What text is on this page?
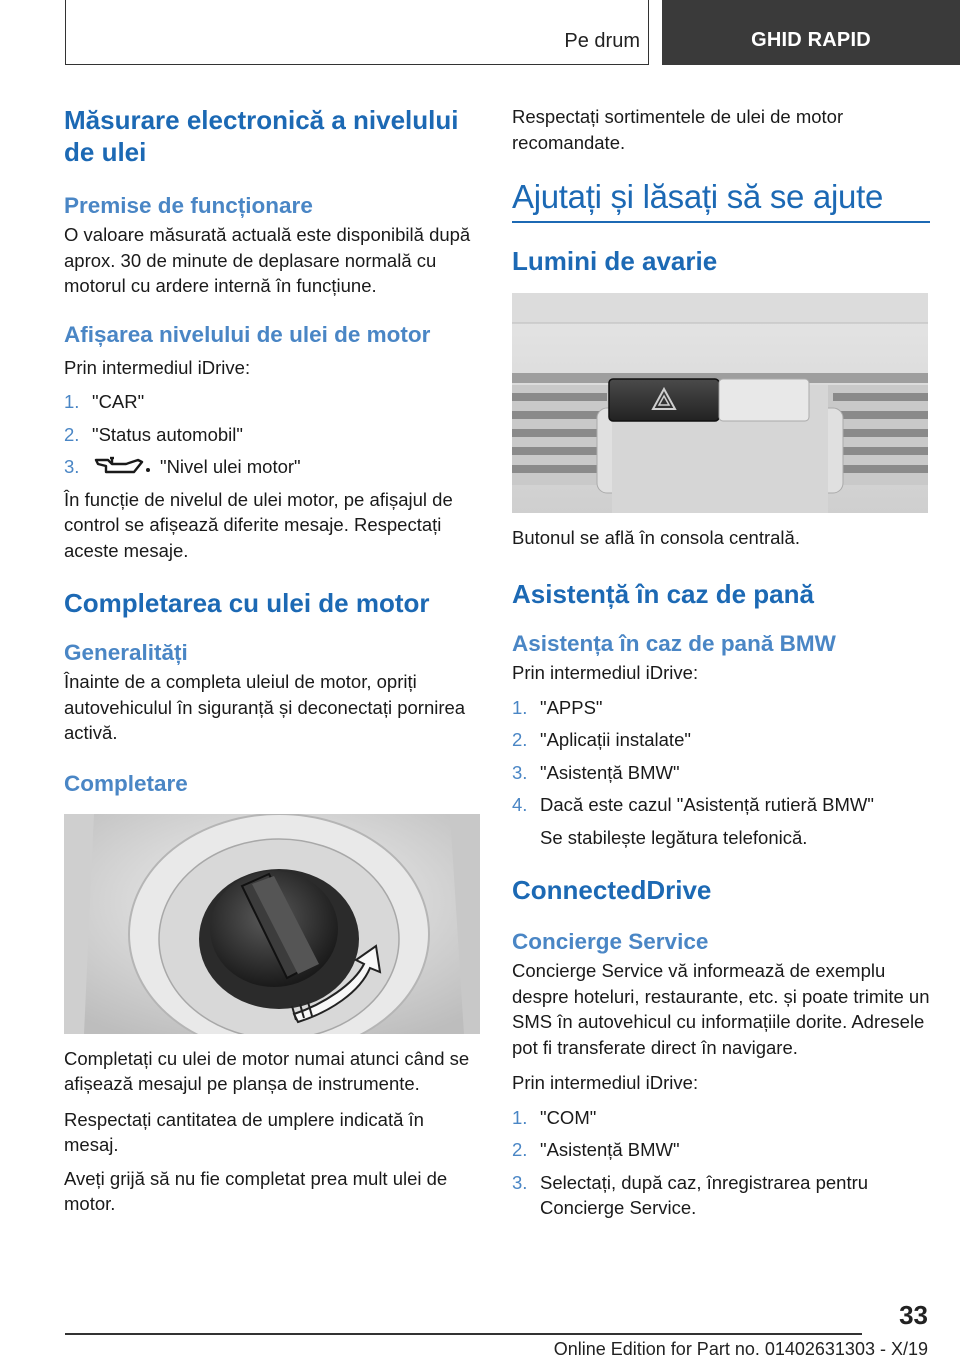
Pe drum	GHID RAPID
Măsurare electronică a nivelului de ulei
Premise de funcționare

O valoare măsurată actuală este disponibilă după aprox. 30 de minute de deplasare normală cu motorul cu ardere internă în funcțiune.

Afișarea nivelului de ulei de motor

Prin intermediul iDrive:

1. "CAR"
2. "Status automobil"
3.	"Nivel ulei motor"

În funcție de nivelul de ulei motor, pe afișajul de control se afișează diferite mesaje. Respectați aceste mesaje.

Completarea cu ulei de motor
Generalități

Înainte de a completa uleiul de motor, opriți autovehiculul în siguranță și deconectați pornirea activă.

Completare

Completați cu ulei de motor numai atunci când se afișează mesajul pe planșa de instrumente.

Respectați cantitatea de umplere indicată în mesaj.

Aveți grijă să nu fie completat prea mult ulei de motor.

Respectați sortimentele de ulei de motor recomandate.

Ajutați și lăsați să se ajute
Lumini de avarie

Butonul se află în consola centrală.

Asistență în caz de pană
Asistența în caz de pană BMW

Prin intermediul iDrive:

1. "APPS"
2. "Aplicații instalate"
3. "Asistență BMW"
4. Dacă este cazul "Asistență rutieră BMW"
Se stabilește legătura telefonică.
ConnectedDrive
Concierge Service

Concierge Service vă informează de exemplu despre hoteluri, restaurante, etc. și poate trimite un SMS în autovehicul cu informațiile dorite. Adresele pot fi transferate direct în navigare.

Prin intermediul iDrive:

1. "COM"
2. "Asistență BMW"
3. Selectați, după caz, înregistrarea pentru Concierge Service.
33
Online Edition for Part no. 01402631303 - X/19
